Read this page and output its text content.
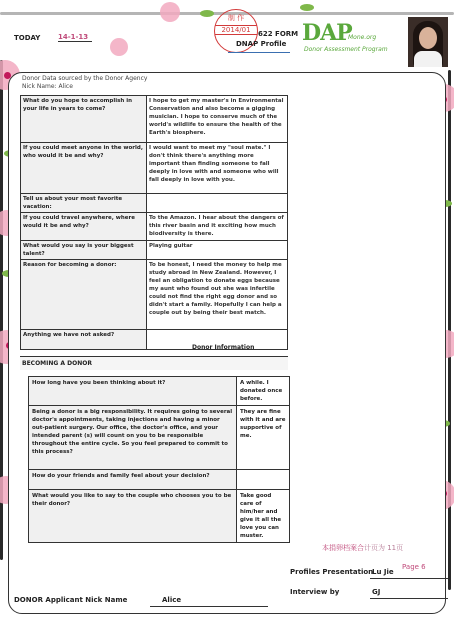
TODAY	14-1-13
制 作
2014/01	622 FORM
DNAP Profile DAP
Mone.org
Donor Assessment Program
Donor Data sourced by the Donor Agency
Nick Name: Alice
What do you hope to accomplish in your life in years to come?	I hope to get my master's in Environmental Conservation and also become a gigging musician. I hope to conserve much of the world's wildlife to ensure the health of the Earth's biosphere.
If you could meet anyone in the world, who would it be and why?	I would want to meet my "soul mate." I don't think there's anything more important than finding someone to fall deeply in love with and someone who will fall deeply in love with you.
Tell us about your most favorite vacation:	
If you could travel anywhere, where would it be and why?	To the Amazon. I hear about the dangers of this river basin and it exciting how much biodiversity is there.
What would you say is your biggest talent?	Playing guitar
Reason for becoming a donor:	To be honest, I need the money to help me study abroad in New Zealand. However, I feel an obligation to donate eggs because my aunt who found out she was infertile could not find the right egg donor and so didn't start a family. Hopefully I can help a couple out by being their best match.
Anything we have not asked?	
Donor Information
BECOMING A DONOR
How long have you been thinking about it?	A while. I donated once before.
Being a donor is a big responsibility. It requires going to several doctor's appointments, taking injections and having a minor out-patient surgery. Our office, the doctor's office, and your intended parent (s) will count on you to be responsible throughout the entire cycle. So you feel prepared to commit to this process?	They are fine with it and are supportive of me.
How do your friends and family feel about your decision?	
What would you like to say to the couple who chooses you to be their donor?	Take good care of him/her and give it all the love you can muster.
本捐卵档案合计页为 11页
Profiles Presentation
Lu Jie
Page 6
Interview by	GJ
DONOR Applicant Nick Name	Alice
